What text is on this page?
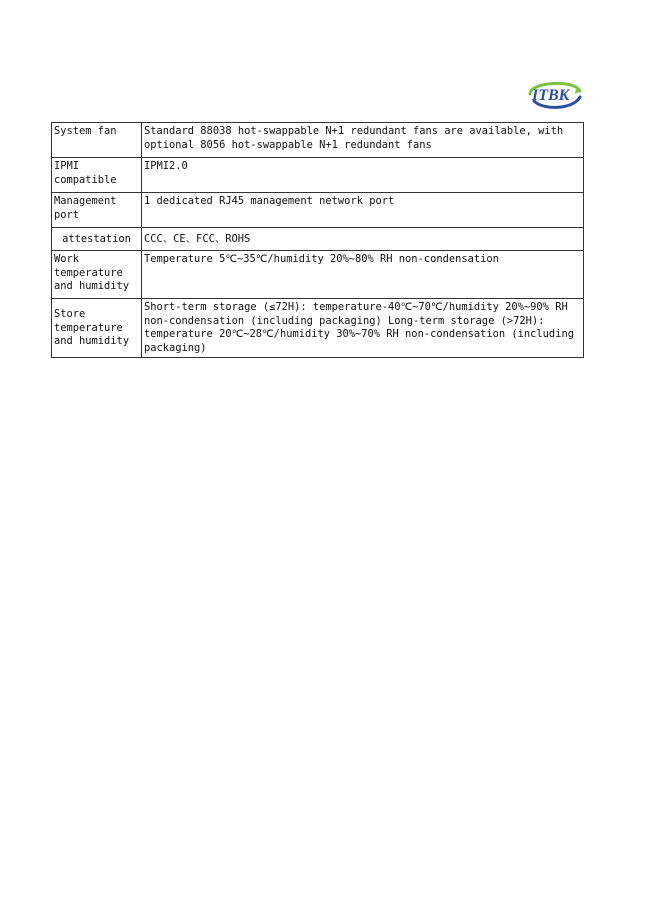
ITBK
System fan	Standard 88038 hot-swappable N+1 redundant fans are available, with optional 8056 hot-swappable N+1 redundant fans
IPMI compatible	IPMI2.0
Management port	1 dedicated RJ45 management network port
attestation	CCC、CE、FCC、ROHS
Work temperature and humidity	Temperature 5℃~35℃/humidity 20%~80% RH non-condensation
Store temperature and humidity	Short-term storage (≤72H): temperature-40℃~70℃/humidity 20%~90% RH non-condensation (including packaging) Long-term storage (>72H): temperature 20℃~28℃/humidity 30%~70% RH non-condensation (including packaging)
